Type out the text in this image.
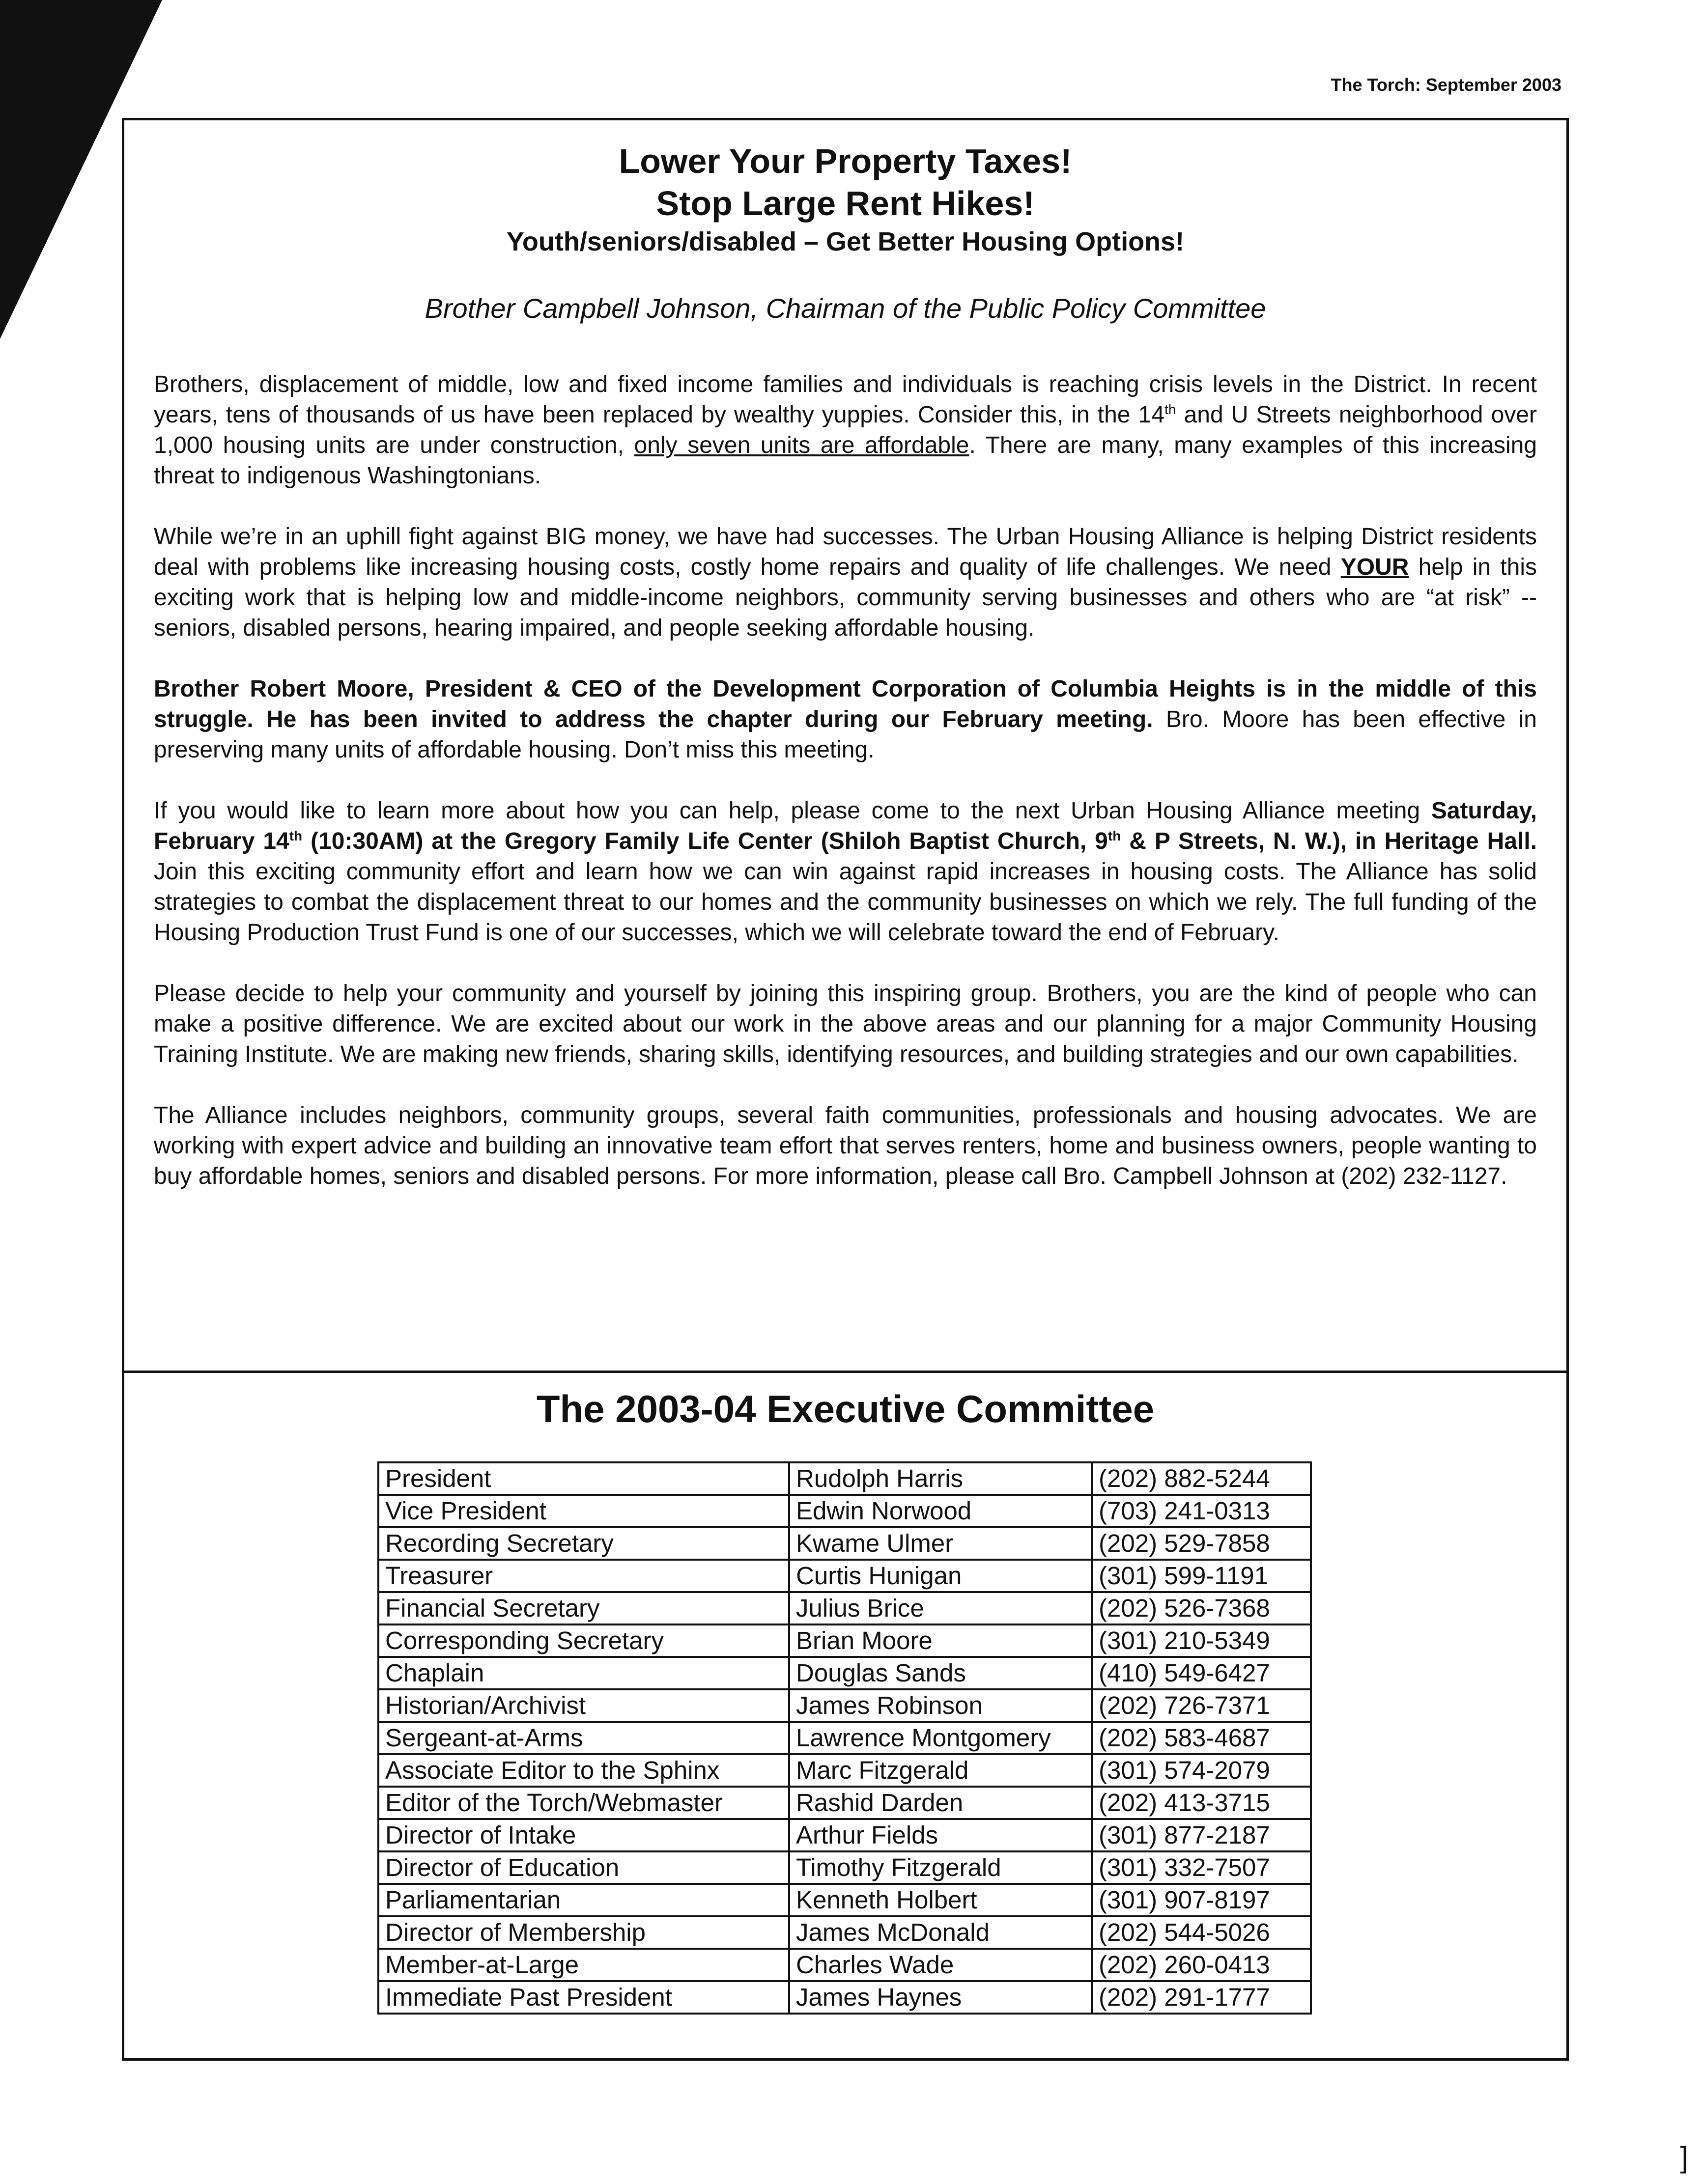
The Torch: September 2003

Lower Your Property Taxes!

Stop Large Rent Hikes!

Youth/seniors/disabled – Get Better Housing Options!

Brother Campbell Johnson, Chairman of the Public Policy Committee

Brothers, displacement of middle, low and fixed income families and individuals is reaching crisis levels in the District. In recent years, tens of thousands of us have been replaced by wealthy yuppies. Consider this, in the 14th and U Streets neighborhood over 1,000 housing units are under construction, only seven units are affordable. There are many, many examples of this increasing threat to indigenous Washingtonians.

While we’re in an uphill fight against BIG money, we have had successes. The Urban Housing Alliance is helping District residents deal with problems like increasing housing costs, costly home repairs and quality of life challenges. We need YOUR help in this exciting work that is helping low and middle-income neighbors, community serving businesses and others who are “at risk” -- seniors, disabled persons, hearing impaired, and people seeking affordable housing.

Brother Robert Moore, President & CEO of the Development Corporation of Columbia Heights is in the middle of this struggle. He has been invited to address the chapter during our February meeting. Bro. Moore has been effective in preserving many units of affordable housing. Don’t miss this meeting.

If you would like to learn more about how you can help, please come to the next Urban Housing Alliance meeting Saturday, February 14th (10:30AM) at the Gregory Family Life Center (Shiloh Baptist Church, 9th & P Streets, N. W.), in Heritage Hall. Join this exciting community effort and learn how we can win against rapid increases in housing costs. The Alliance has solid strategies to combat the displacement threat to our homes and the community businesses on which we rely. The full funding of the Housing Production Trust Fund is one of our successes, which we will celebrate toward the end of February.

Please decide to help your community and yourself by joining this inspiring group. Brothers, you are the kind of people who can make a positive difference. We are excited about our work in the above areas and our planning for a major Community Housing Training Institute. We are making new friends, sharing skills, identifying resources, and building strategies and our own capabilities.

The Alliance includes neighbors, community groups, several faith communities, professionals and housing advocates. We are working with expert advice and building an innovative team effort that serves renters, home and business owners, people wanting to buy affordable homes, seniors and disabled persons. For more information, please call Bro. Campbell Johnson at (202) 232-1127.

The 2003-04 Executive Committee

President	Rudolph Harris	(202) 882-5244
Vice President	Edwin Norwood	(703) 241-0313
Recording Secretary	Kwame Ulmer	(202) 529-7858
Treasurer	Curtis Hunigan	(301) 599-1191
Financial Secretary	Julius Brice	(202) 526-7368
Corresponding Secretary	Brian Moore	(301) 210-5349
Chaplain	Douglas Sands	(410) 549-6427
Historian/Archivist	James Robinson	(202) 726-7371
Sergeant-at-Arms	Lawrence Montgomery	(202) 583-4687
Associate Editor to the Sphinx	Marc Fitzgerald	(301) 574-2079
Editor of the Torch/Webmaster	Rashid Darden	(202) 413-3715
Director of Intake	Arthur Fields	(301) 877-2187
Director of Education	Timothy Fitzgerald	(301) 332-7507
Parliamentarian	Kenneth Holbert	(301) 907-8197
Director of Membership	James McDonald	(202) 544-5026
Member-at-Large	Charles Wade	(202) 260-0413
Immediate Past President	James Haynes	(202) 291-1777
]
